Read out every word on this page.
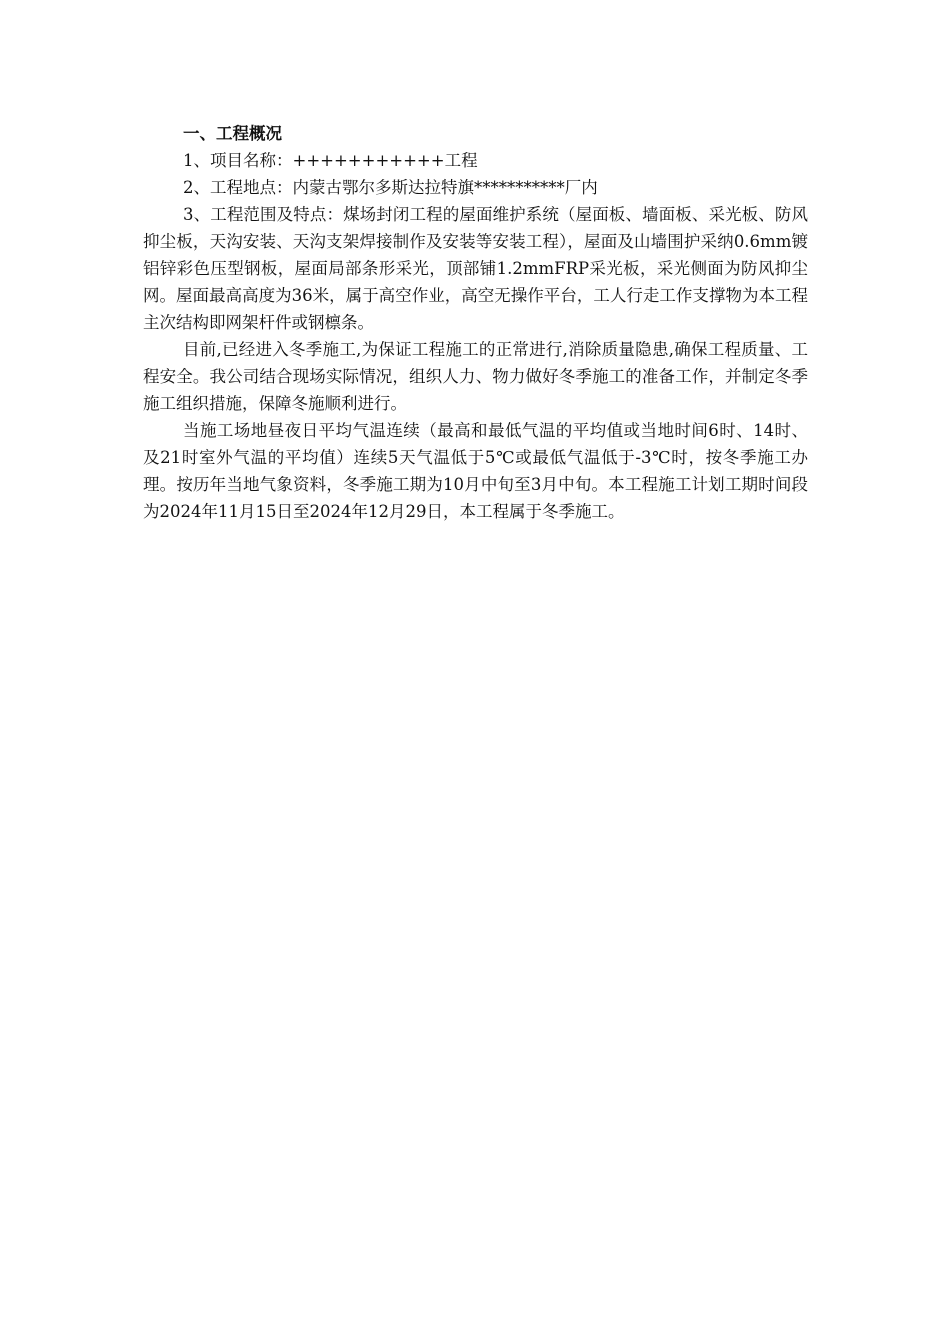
一、工程概况

1、项目名称：+++++++++++工程

2、工程地点：内蒙古鄂尔多斯达拉特旗***********厂内

3、工程范围及特点：煤场封闭工程的屋面维护系统（屋面板、墙面板、采光板、防风抑尘板，天沟安装、天沟支架焊接制作及安装等安装工程），屋面及山墙围护采纳0.6mm镀铝锌彩色压型钢板，屋面局部条形采光，顶部铺1.2mmFRP采光板，采光侧面为防风抑尘网。屋面最高高度为36米，属于高空作业，高空无操作平台，工人行走工作支撑物为本工程主次结构即网架杆件或钢檩条。

目前,已经进入冬季施工,为保证工程施工的正常进行,消除质量隐患,确保工程质量、工程安全。我公司结合现场实际情况，组织人力、物力做好冬季施工的准备工作，并制定冬季施工组织措施，保障冬施顺利进行。

当施工场地昼夜日平均气温连续（最高和最低气温的平均值或当地时间6时、14时、及21时室外气温的平均值）连续5天气温低于5℃或最低气温低于-3℃时，按冬季施工办理。按历年当地气象资料，冬季施工期为10月中旬至3月中旬。本工程施工计划工期时间段为2024年11月15日至2024年12月29日，本工程属于冬季施工。
